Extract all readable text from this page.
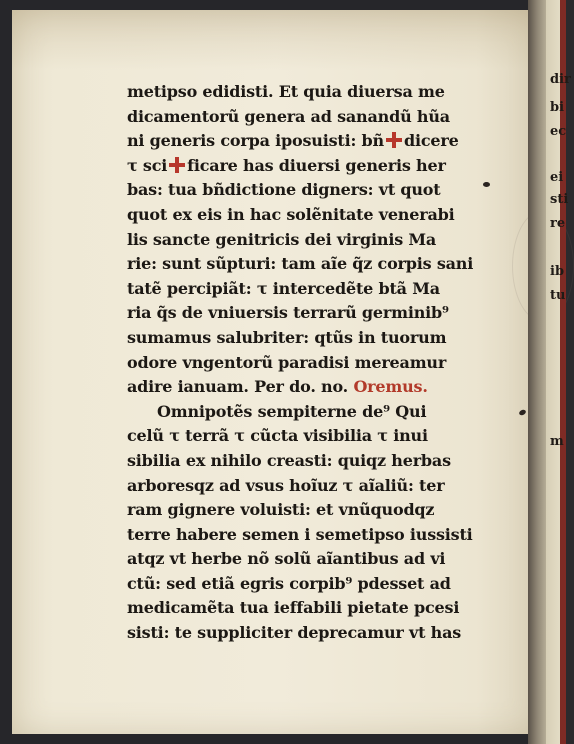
metipso edidisti. Et quia diuersa me
dicamentorũ genera ad sanandũ hũa
ni generis corpa iposuisti: bñ dicere
τ sci ficare has diuersi generis her
bas: tua bñdictione digners: vt quot
quot ex eis in hac solẽnitate venerabi
lis sancte genitricis dei virginis Ma
rie: sunt sũpturi: tam aĩe q̃z corpis sani
tatẽ percipiãt: τ intercedẽte btã Ma
ria q̃s de vniuersis terrarũ germinib⁹
sumamus salubriter: qtũs in tuorum
odore vngentorũ paradisi mereamur
adire ianuam. Per do. no. Oremus.
Omnipotẽs sempiterne de⁹ Qui
celũ τ terrã τ cũcta visibilia τ inui
sibilia ex nihilo creasti: quiqz herbas
arboresqz ad vsus hoĩuz τ aĩaliũ: ter
ram gignere voluisti: et vnũquodqz
terre habere semen i semetipso iussisti
atqz vt herbe nõ solũ aĩantibus ad vi
ctũ: sed etiã egris corpib⁹ pdesset ad
medicamẽta tua ieffabili pietate pcesi
sisti: te suppliciter deprecamur vt has
dir
bi
ec
ei
sti
re
ib
tu
m
